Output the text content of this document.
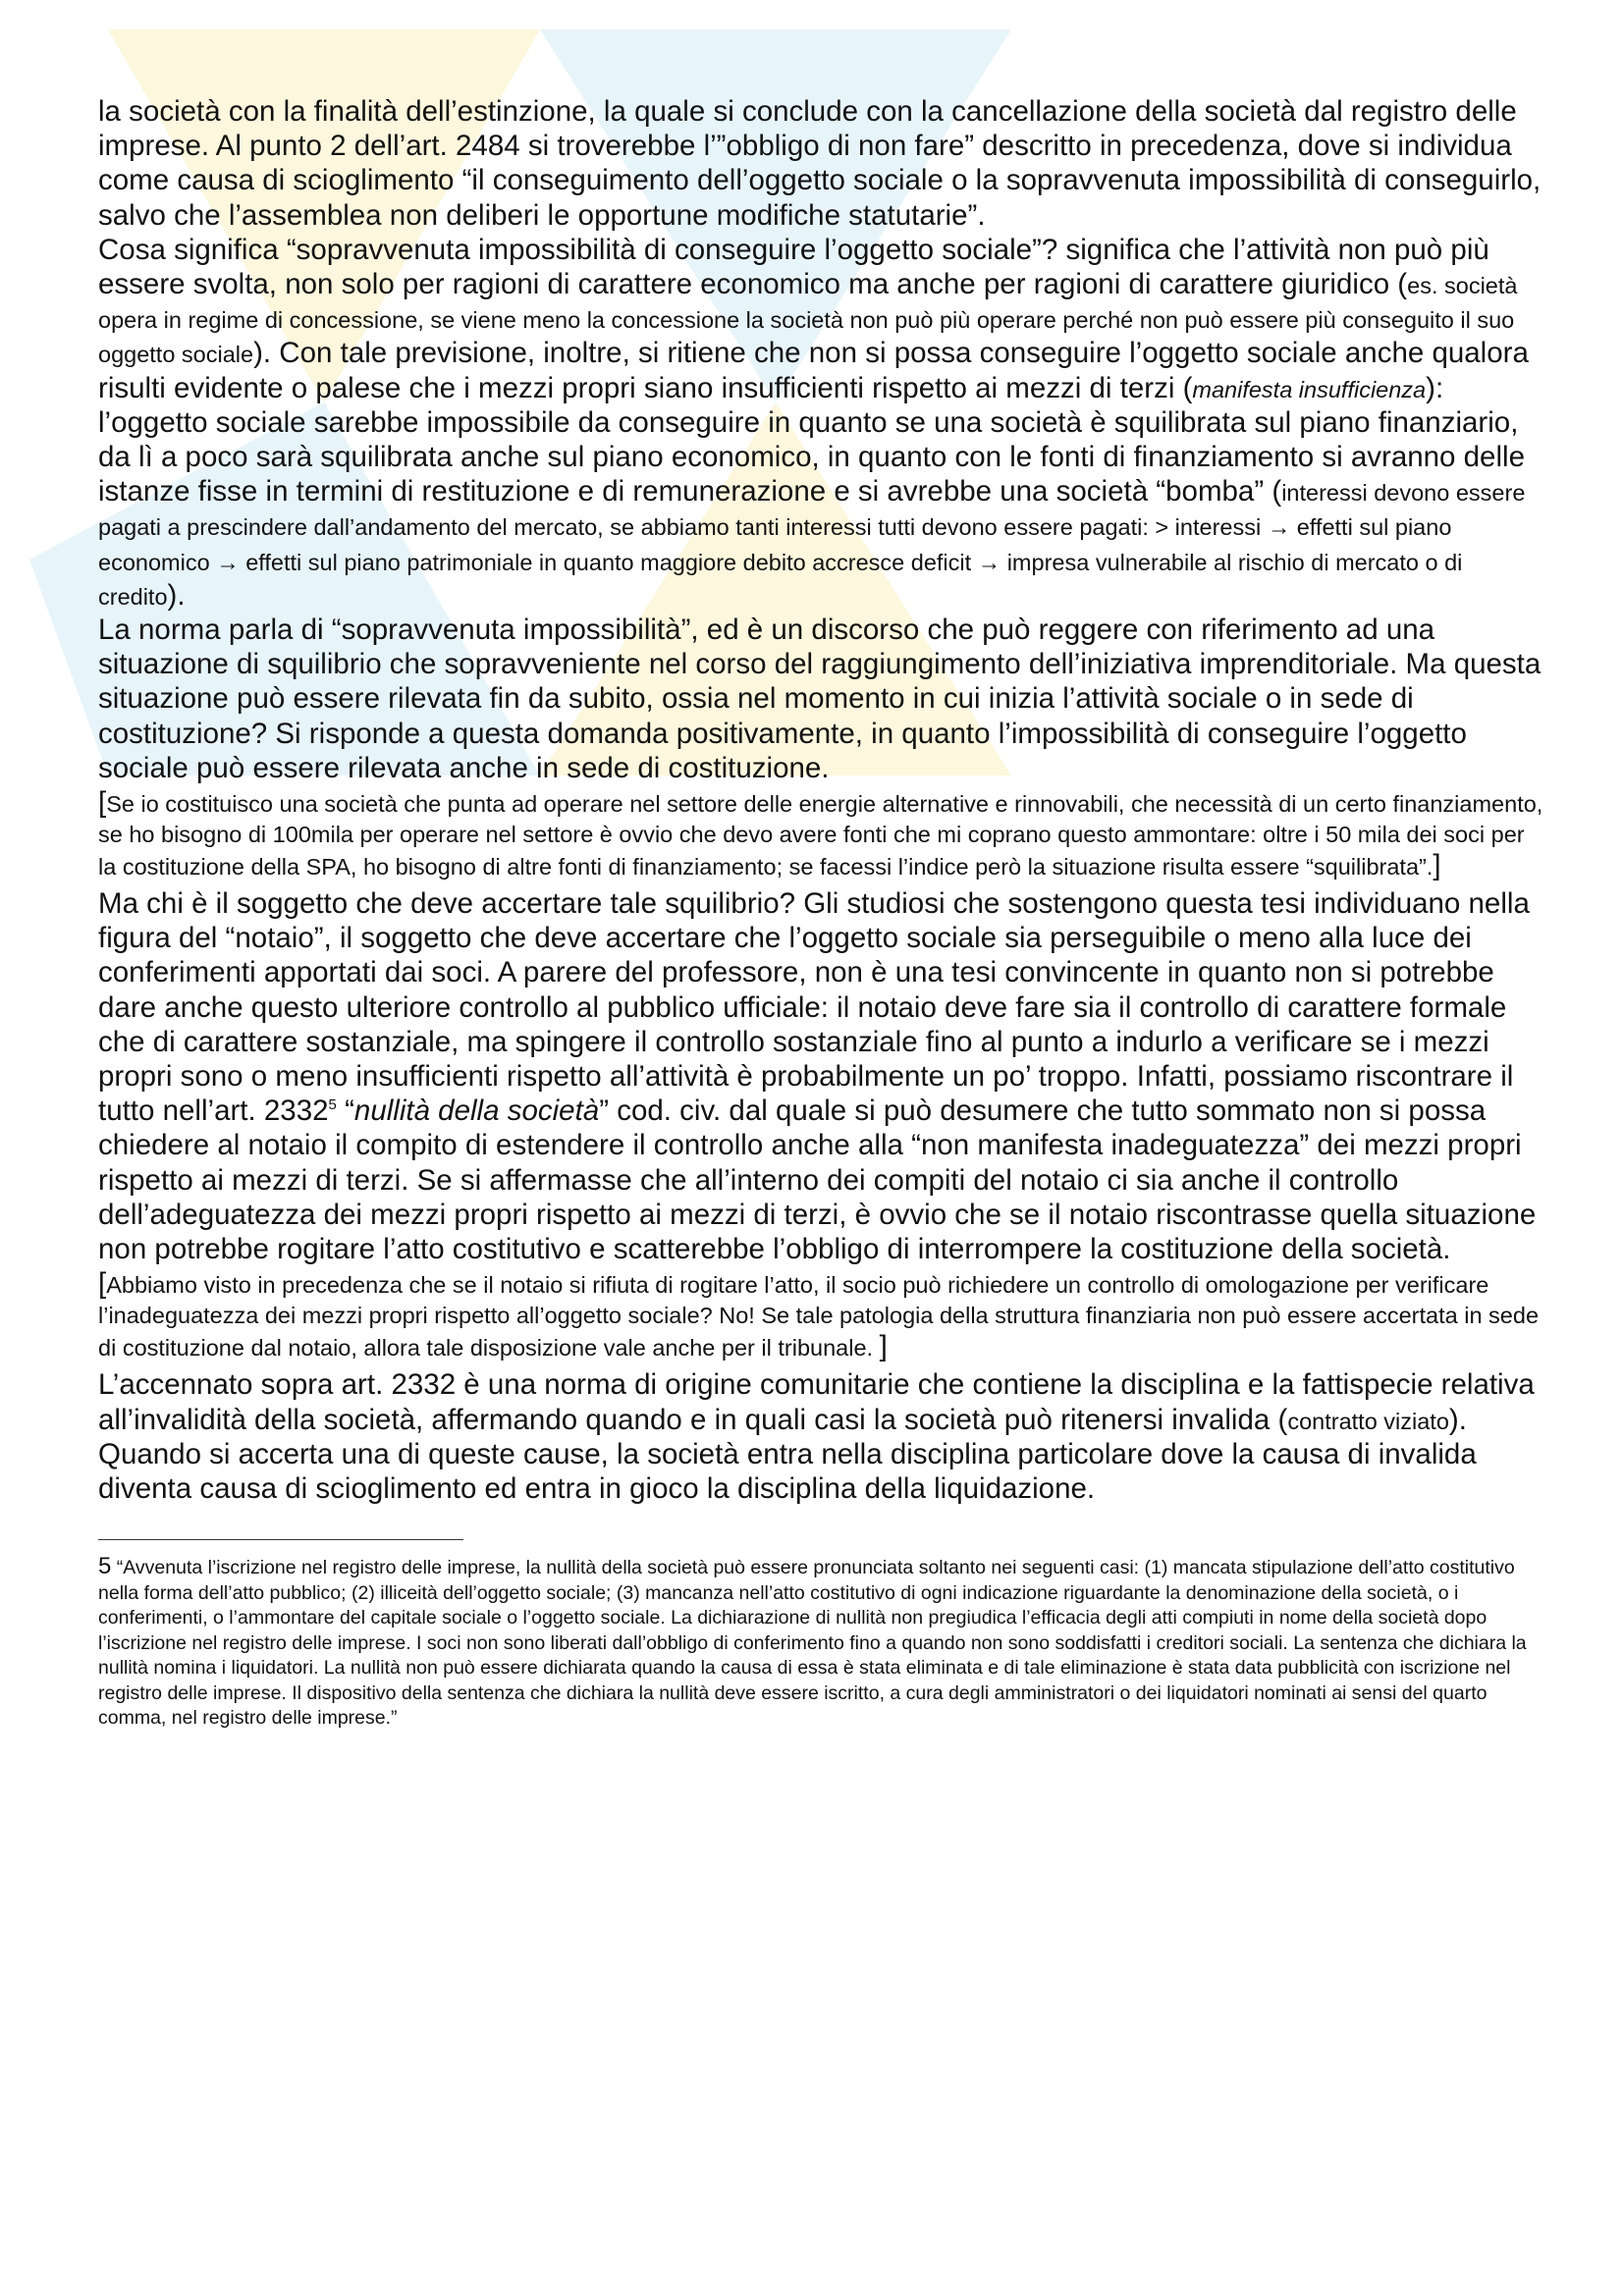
la società con la finalità dell’estinzione, la quale si conclude con la cancellazione della società dal registro delle imprese. Al punto 2 dell’art. 2484 si troverebbe l’”obbligo di non fare” descritto in precedenza, dove si individua come causa di scioglimento “il conseguimento dell’oggetto sociale o la sopravvenuta impossibilità di conseguirlo, salvo che l’assemblea non deliberi le opportune modifiche statutarie”.

Cosa significa “sopravvenuta impossibilità di conseguire l’oggetto sociale”? significa che l’attività non può più essere svolta, non solo per ragioni di carattere economico ma anche per ragioni di carattere giuridico (es. società opera in regime di concessione, se viene meno la concessione la società non può più operare perché non può essere più conseguito il suo oggetto sociale). Con tale previsione, inoltre, si ritiene che non si possa conseguire l’oggetto sociale anche qualora risulti evidente o palese che i mezzi propri siano insufficienti rispetto ai mezzi di terzi (manifesta insufficienza): l’oggetto sociale sarebbe impossibile da conseguire in quanto se una società è squilibrata sul piano finanziario, da lì a poco sarà squilibrata anche sul piano economico, in quanto con le fonti di finanziamento si avranno delle istanze fisse in termini di restituzione e di remunerazione e si avrebbe una società “bomba” (interessi devono essere pagati a prescindere dall’andamento del mercato, se abbiamo tanti interessi tutti devono essere pagati: > interessi → effetti sul piano economico → effetti sul piano patrimoniale in quanto maggiore debito accresce deficit → impresa vulnerabile al rischio di mercato o di credito).

La norma parla di “sopravvenuta impossibilità”, ed è un discorso che può reggere con riferimento ad una situazione di squilibrio che sopravveniente nel corso del raggiungimento dell’iniziativa imprenditoriale. Ma questa situazione può essere rilevata fin da subito, ossia nel momento in cui inizia l’attività sociale o in sede di costituzione? Si risponde a questa domanda positivamente, in quanto l’impossibilità di conseguire l’oggetto sociale può essere rilevata anche in sede di costituzione.

[Se io costituisco una società che punta ad operare nel settore delle energie alternative e rinnovabili, che necessità di un certo finanziamento, se ho bisogno di 100mila per operare nel settore è ovvio che devo avere fonti che mi coprano questo ammontare: oltre i 50 mila dei soci per la costituzione della SPA, ho bisogno di altre fonti di finanziamento; se facessi l’indice però la situazione risulta essere “squilibrata”.]

Ma chi è il soggetto che deve accertare tale squilibrio? Gli studiosi che sostengono questa tesi individuano nella figura del “notaio”, il soggetto che deve accertare che l’oggetto sociale sia perseguibile o meno alla luce dei conferimenti apportati dai soci. A parere del professore, non è una tesi convincente in quanto non si potrebbe dare anche questo ulteriore controllo al pubblico ufficiale: il notaio deve fare sia il controllo di carattere formale che di carattere sostanziale, ma spingere il controllo sostanziale fino al punto a indurlo a verificare se i mezzi propri sono o meno insufficienti rispetto all’attività è probabilmente un po’ troppo. Infatti, possiamo riscontrare il tutto nell’art. 2332$^5$ “nullità della società” cod. civ. dal quale si può desumere che tutto sommato non si possa chiedere al notaio il compito di estendere il controllo anche alla “non manifesta inadeguatezza” dei mezzi propri rispetto ai mezzi di terzi. Se si affermasse che all’interno dei compiti del notaio ci sia anche il controllo dell’adeguatezza dei mezzi propri rispetto ai mezzi di terzi, è ovvio che se il notaio riscontrasse quella situazione non potrebbe rogitare l’atto costitutivo e scatterebbe l’obbligo di interrompere la costituzione della società.

[Abbiamo visto in precedenza che se il notaio si rifiuta di rogitare l’atto, il socio può richiedere un controllo di omologazione per verificare l’inadeguatezza dei mezzi propri rispetto all’oggetto sociale? No! Se tale patologia della struttura finanziaria non può essere accertata in sede di costituzione dal notaio, allora tale disposizione vale anche per il tribunale. ]

L’accennato sopra art. 2332 è una norma di origine comunitarie che contiene la disciplina e la fattispecie relativa all’invalidità della società, affermando quando e in quali casi la società può ritenersi invalida (contratto viziato). Quando si accerta una di queste cause, la società entra nella disciplina particolare dove la causa di invalida diventa causa di scioglimento ed entra in gioco la disciplina della liquidazione.

5 “Avvenuta l’iscrizione nel registro delle imprese, la nullità della società può essere pronunciata soltanto nei seguenti casi: (1) mancata stipulazione dell’atto costitutivo nella forma dell’atto pubblico; (2) illiceità dell’oggetto sociale; (3) mancanza nell’atto costitutivo di ogni indicazione riguardante la denominazione della società, o i conferimenti, o l’ammontare del capitale sociale o l’oggetto sociale. La dichiarazione di nullità non pregiudica l’efficacia degli atti compiuti in nome della società dopo l’iscrizione nel registro delle imprese. I soci non sono liberati dall’obbligo di conferimento fino a quando non sono soddisfatti i creditori sociali. La sentenza che dichiara la nullità nomina i liquidatori. La nullità non può essere dichiarata quando la causa di essa è stata eliminata e di tale eliminazione è stata data pubblicità con iscrizione nel registro delle imprese. Il dispositivo della sentenza che dichiara la nullità deve essere iscritto, a cura degli amministratori o dei liquidatori nominati ai sensi del quarto comma, nel registro delle imprese.”
